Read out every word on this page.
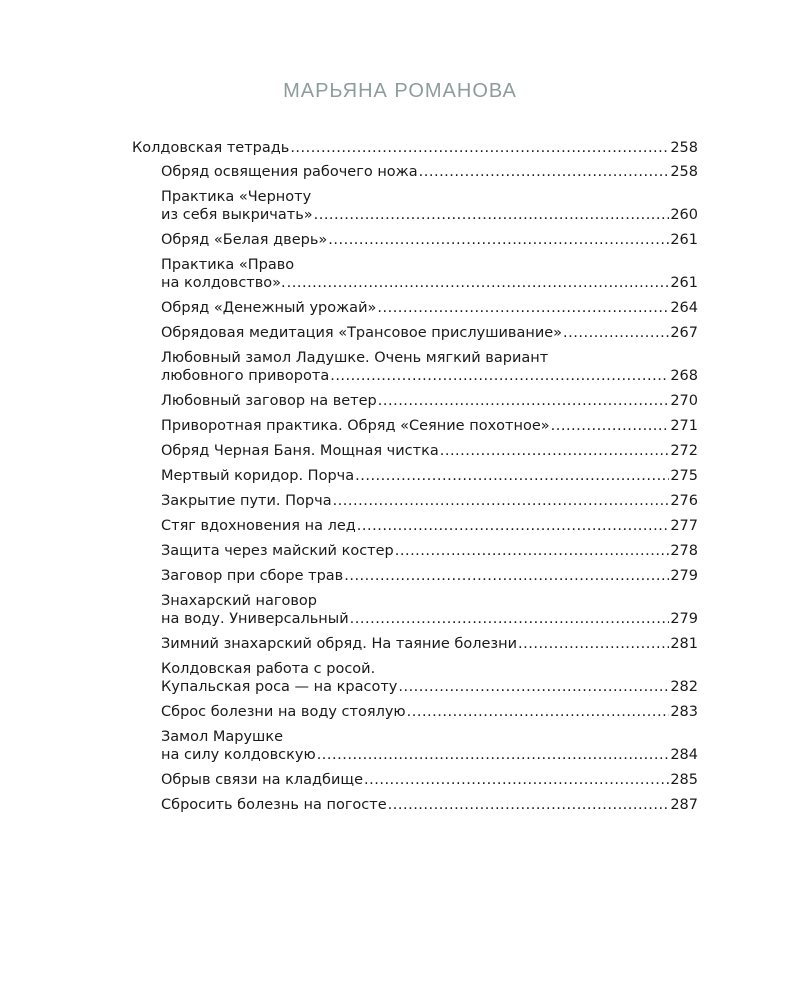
МАРЬЯНА РОМАНОВА
Колдовская тетрадь .....	258
Обряд освящения рабочего ножа .....	258
Практика «Черноту
из себя выкричать» .....	260
Обряд «Белая дверь» .....	261
Практика «Право
на колдовство». .....	261
Обряд «Денежный урожай» .....	264
Обрядовая медитация «Трансовое прислушивание» .....	267
Любовный замол Ладушке. Очень мягкий вариант
любовного приворота .....	268
Любовный заговор на ветер .....	270
Приворотная практика. Обряд «Сеяние похотное» .....	271
Обряд Черная Баня. Мощная чистка .....	272
Мертвый коридор. Порча .....	275
Закрытие пути. Порча .....	276
Стяг вдохновения на лед .....	277
Защита через майский костер .....	278
Заговор при сборе трав .....	279
Знахарский наговор
на воду. Универсальный .....	279
Зимний знахарский обряд. На таяние болезни .....	281
Колдовская работа с росой.
Купальская роса — на красоту .....	282
Сброс болезни на воду стоялую .....	283
Замол Марушке
на силу колдовскую .....	284
Обрыв связи на кладбище .....	285
Сбросить болезнь на погосте .....	287
